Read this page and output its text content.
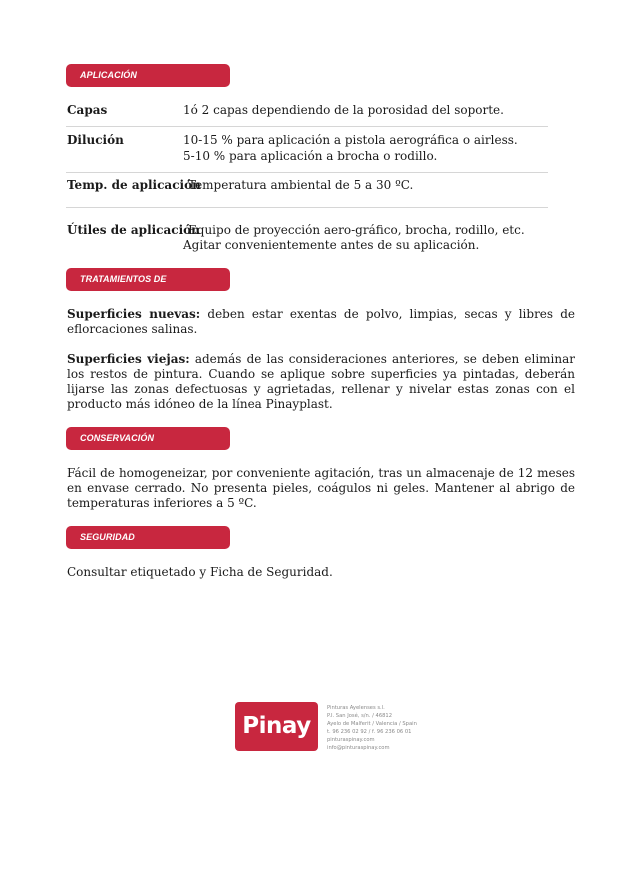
APLICACIÓN
Capas	1ó 2 capas dependiendo de la porosidad del soporte.
Dilución	10-15 % para aplicación a pistola aerográfica o airless.
5-10 % para aplicación a brocha o rodillo.
Temp. de aplicación
Temperatura ambiental de 5 a 30 ºC.
Útiles de aplicación
Equipo de proyección aero-gráfico, brocha, rodillo, etc.
Agitar convenientemente antes de su aplicación.
TRATAMIENTOS DE SUPERFICIES
Superficies nuevas: deben estar exentas de polvo, limpias, secas y libres de eflorcaciones salinas.
Superficies viejas: además de las consideraciones anteriores, se deben eliminar los restos de pintura. Cuando se aplique sobre superficies ya pintadas, deberán lijarse las zonas defectuosas y agrietadas, rellenar y nivelar estas zonas con el producto más idóneo de la línea Pinayplast.
CONSERVACIÓN
Fácil de homogeneizar, por conveniente agitación, tras un almacenaje de 12 meses en envase cerrado. No presenta pieles, coágulos ni geles. Mantener al abrigo de temperaturas inferiores a 5 ºC.
SEGURIDAD
Consultar etiquetado y Ficha de Seguridad.
Pinay
Pinturas Ayelenses s.l.
P.I. San José, s/n. / 46812
Ayelo de Malferit / Valencia / Spain
t. 96 236 02 92 / f. 96 236 06 01
pinturaspinay.com
info@pinturaspinay.com
